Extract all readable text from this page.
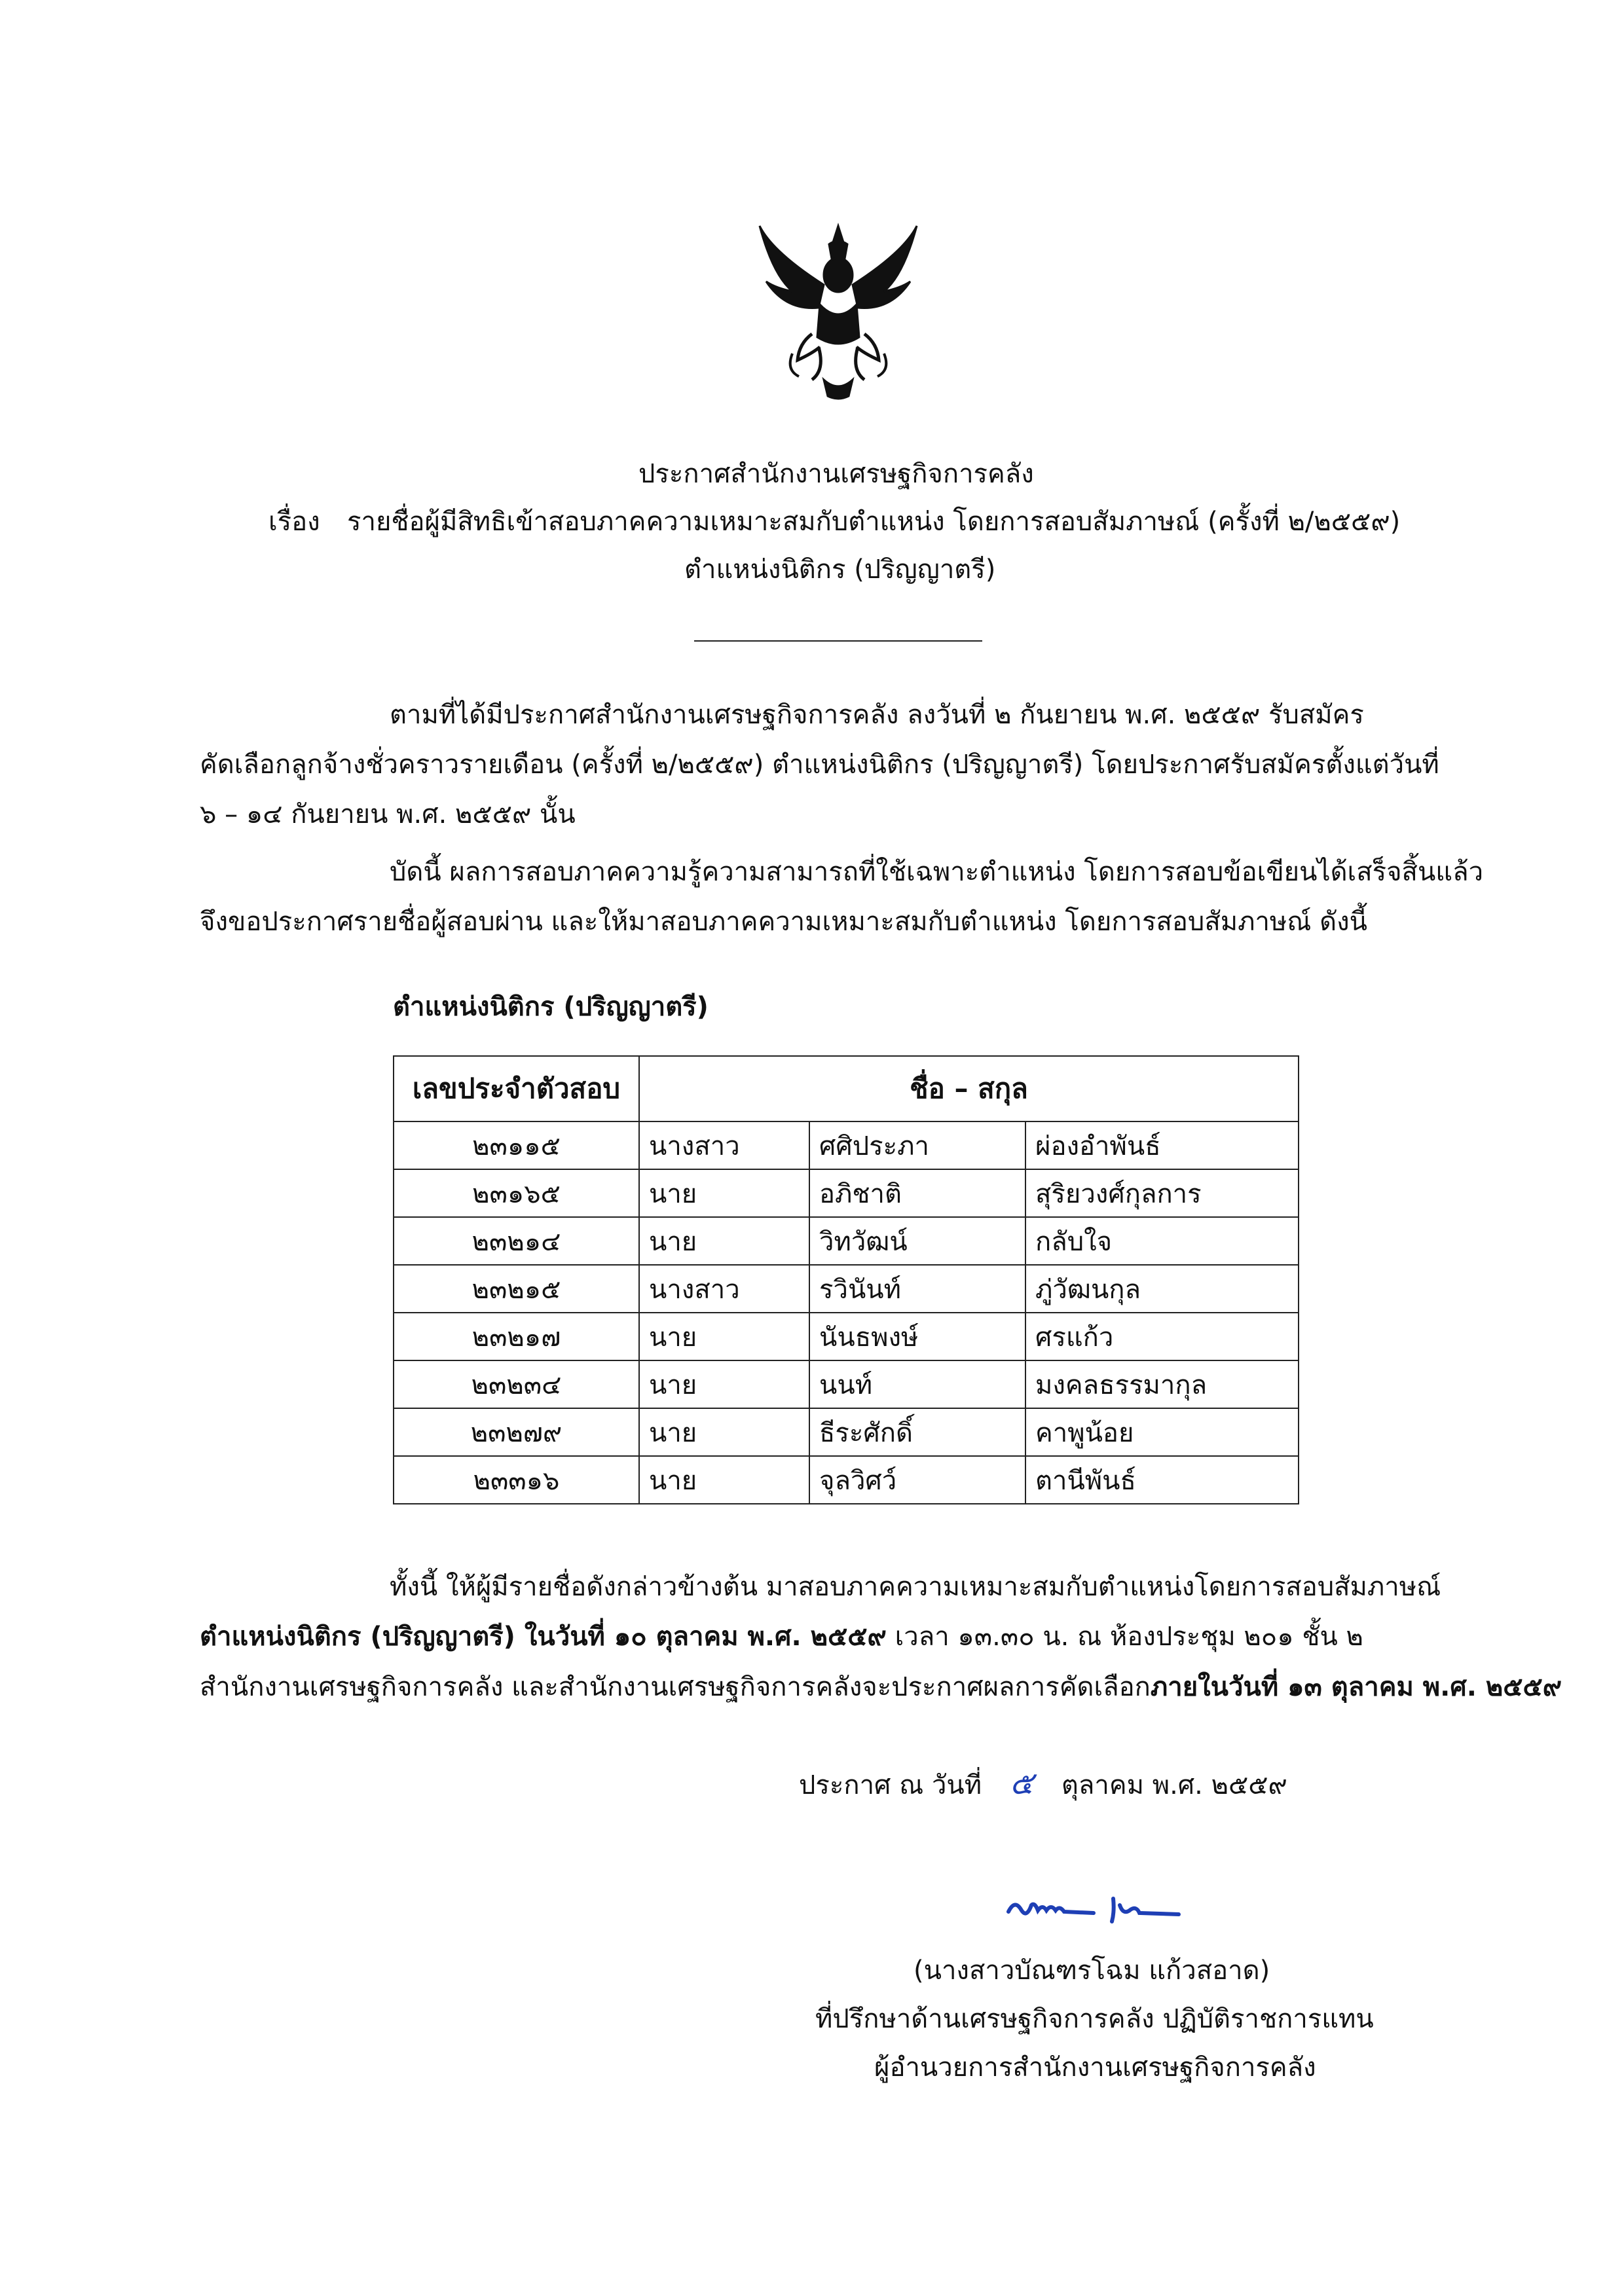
ประกาศสำนักงานเศรษฐกิจการคลัง
เรื่อง รายชื่อผู้มีสิทธิเข้าสอบภาคความเหมาะสมกับตำแหน่ง โดยการสอบสัมภาษณ์ (ครั้งที่ ๒/๒๕๕๙)
ตำแหน่งนิติกร (ปริญญาตรี)
ตามที่ได้มีประกาศสำนักงานเศรษฐกิจการคลัง ลงวันที่ ๒ กันยายน พ.ศ. ๒๕๕๙ รับสมัคร
คัดเลือกลูกจ้างชั่วคราวรายเดือน (ครั้งที่ ๒/๒๕๕๙) ตำแหน่งนิติกร (ปริญญาตรี) โดยประกาศรับสมัครตั้งแต่วันที่
๖ – ๑๔ กันยายน พ.ศ. ๒๕๕๙ นั้น
บัดนี้ ผลการสอบภาคความรู้ความสามารถที่ใช้เฉพาะตำแหน่ง โดยการสอบข้อเขียนได้เสร็จสิ้นแล้ว
จึงขอประกาศรายชื่อผู้สอบผ่าน และให้มาสอบภาคความเหมาะสมกับตำแหน่ง โดยการสอบสัมภาษณ์ ดังนี้
ตำแหน่งนิติกร (ปริญญาตรี)
เลขประจำตัวสอบ	ชื่อ – สกุล		
๒๓๑๑๕	นางสาว	ศศิประภา	ผ่องอำพันธ์
๒๓๑๖๕	นาย	อภิชาติ	สุริยวงศ์กุลการ
๒๓๒๑๔	นาย	วิทวัฒน์	กลับใจ
๒๓๒๑๕	นางสาว	รวินันท์	ภู่วัฒนกุล
๒๓๒๑๗	นาย	นันธพงษ์	ศรแก้ว
๒๓๒๓๔	นาย	นนท์	มงคลธรรมากุล
๒๓๒๗๙	นาย	ธีระศักดิ์	คาพูน้อย
๒๓๓๑๖	นาย	จุลวิศว์	ตานีพันธ์
ทั้งนี้ ให้ผู้มีรายชื่อดังกล่าวข้างต้น มาสอบภาคความเหมาะสมกับตำแหน่งโดยการสอบสัมภาษณ์
ตำแหน่งนิติกร (ปริญญาตรี) ในวันที่ ๑๐ ตุลาคม พ.ศ. ๒๕๕๙ เวลา ๑๓.๓๐ น. ณ ห้องประชุม ๒๐๑ ชั้น ๒
สำนักงานเศรษฐกิจการคลัง และสำนักงานเศรษฐกิจการคลังจะประกาศผลการคัดเลือกภายในวันที่ ๑๓ ตุลาคม พ.ศ. ๒๕๕๙
ประกาศ ณ วันที่ ๕ ตุลาคม พ.ศ. ๒๕๕๙
(นางสาวบัณฑรโฉม แก้วสอาด)
ที่ปรึกษาด้านเศรษฐกิจการคลัง ปฏิบัติราชการแทน
ผู้อำนวยการสำนักงานเศรษฐกิจการคลัง
